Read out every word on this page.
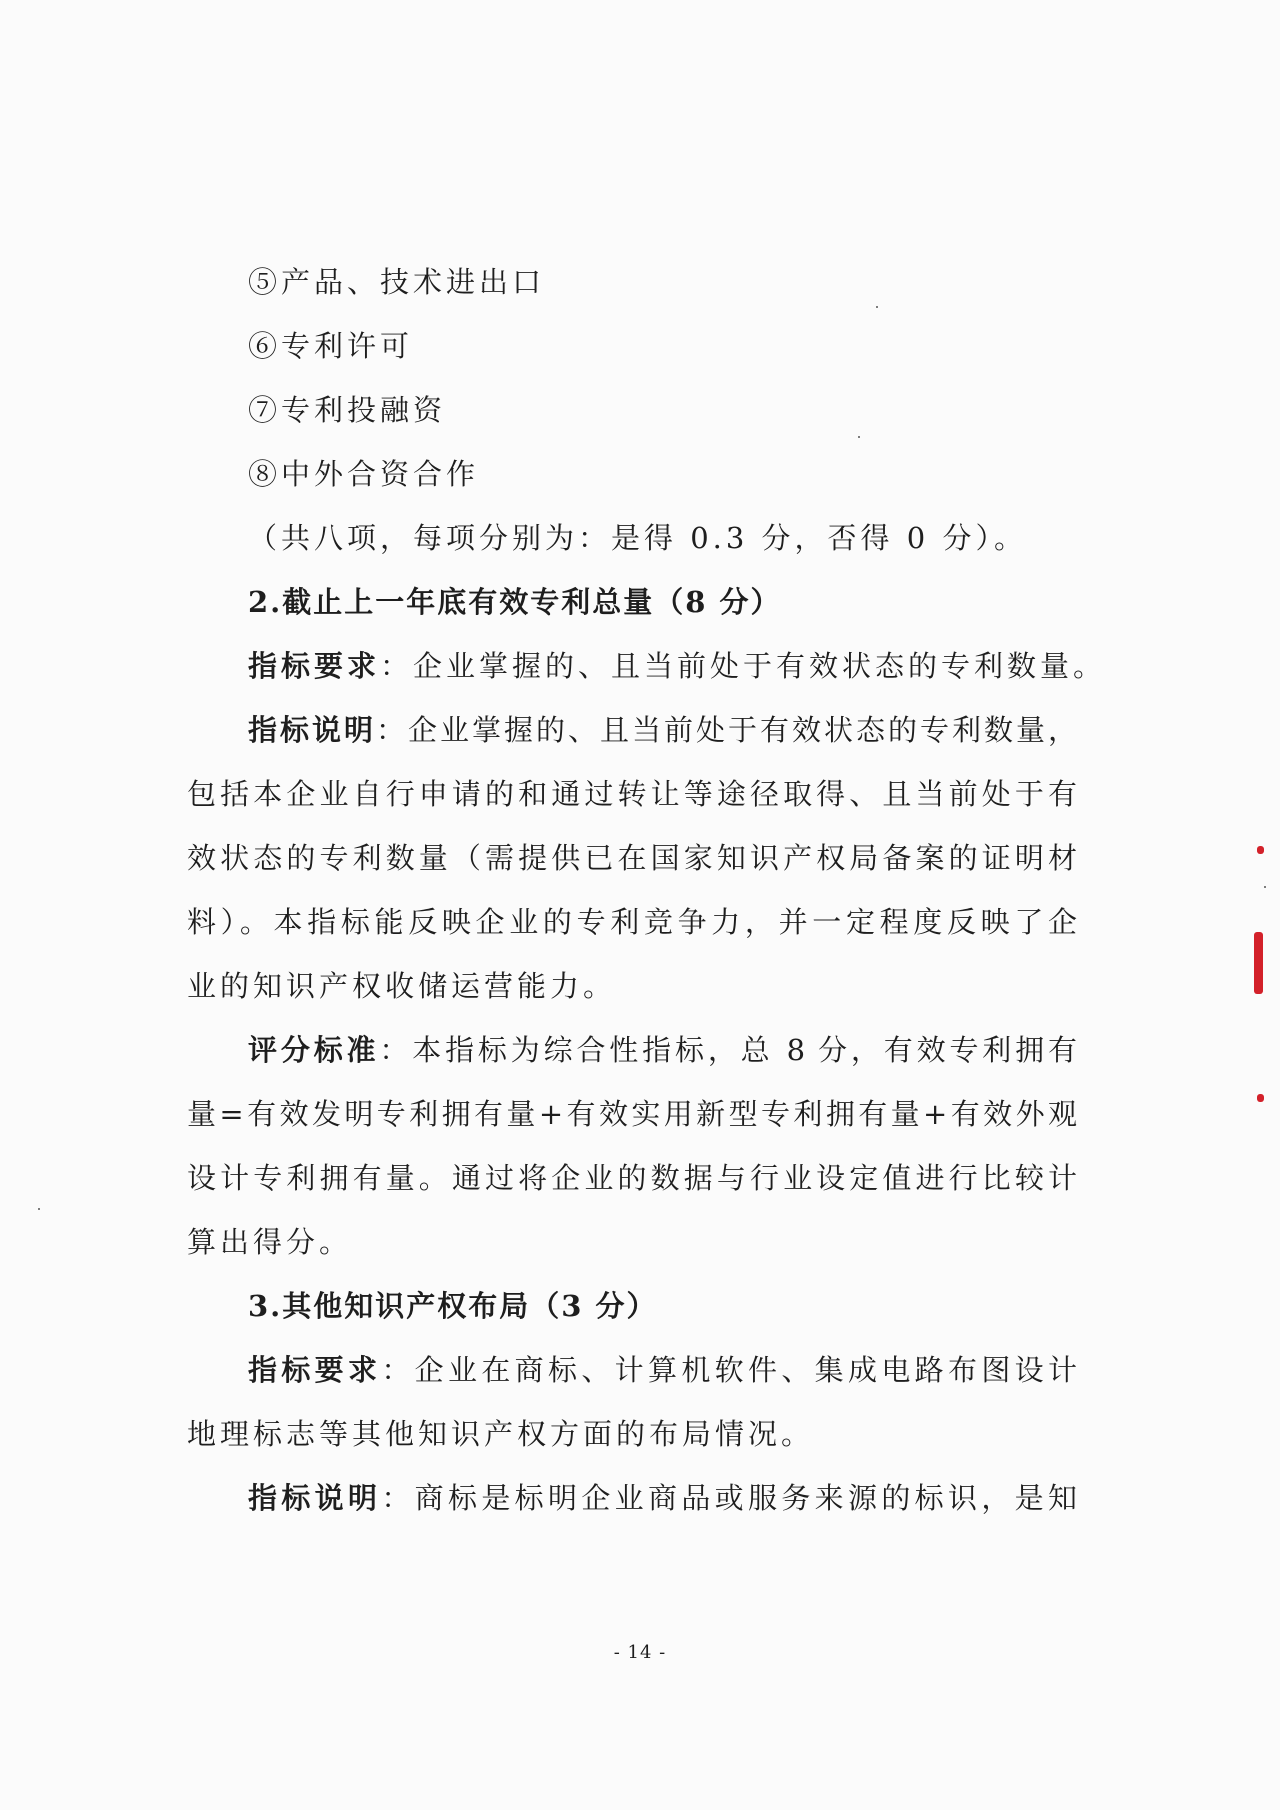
⑤产品、技术进出口
⑥专利许可
⑦专利投融资
⑧中外合资合作
（共八项，每项分别为：是得 0.3 分，否得 0 分）。
2.截止上一年底有效专利总量（8 分）
指标要求：企业掌握的、且当前处于有效状态的专利数量。
指标说明：企业掌握的、且当前处于有效状态的专利数量，
包括本企业自行申请的和通过转让等途径取得、且当前处于有
效状态的专利数量（需提供已在国家知识产权局备案的证明材
料）。本指标能反映企业的专利竞争力，并一定程度反映了企
业的知识产权收储运营能力。
评分标准：本指标为综合性指标，总 8 分，有效专利拥有
量=有效发明专利拥有量+有效实用新型专利拥有量+有效外观
设计专利拥有量。通过将企业的数据与行业设定值进行比较计
算出得分。
3.其他知识产权布局（3 分）
指标要求：企业在商标、计算机软件、集成电路布图设计
地理标志等其他知识产权方面的布局情况。
指标说明：商标是标明企业商品或服务来源的标识，是知
- 14 -
